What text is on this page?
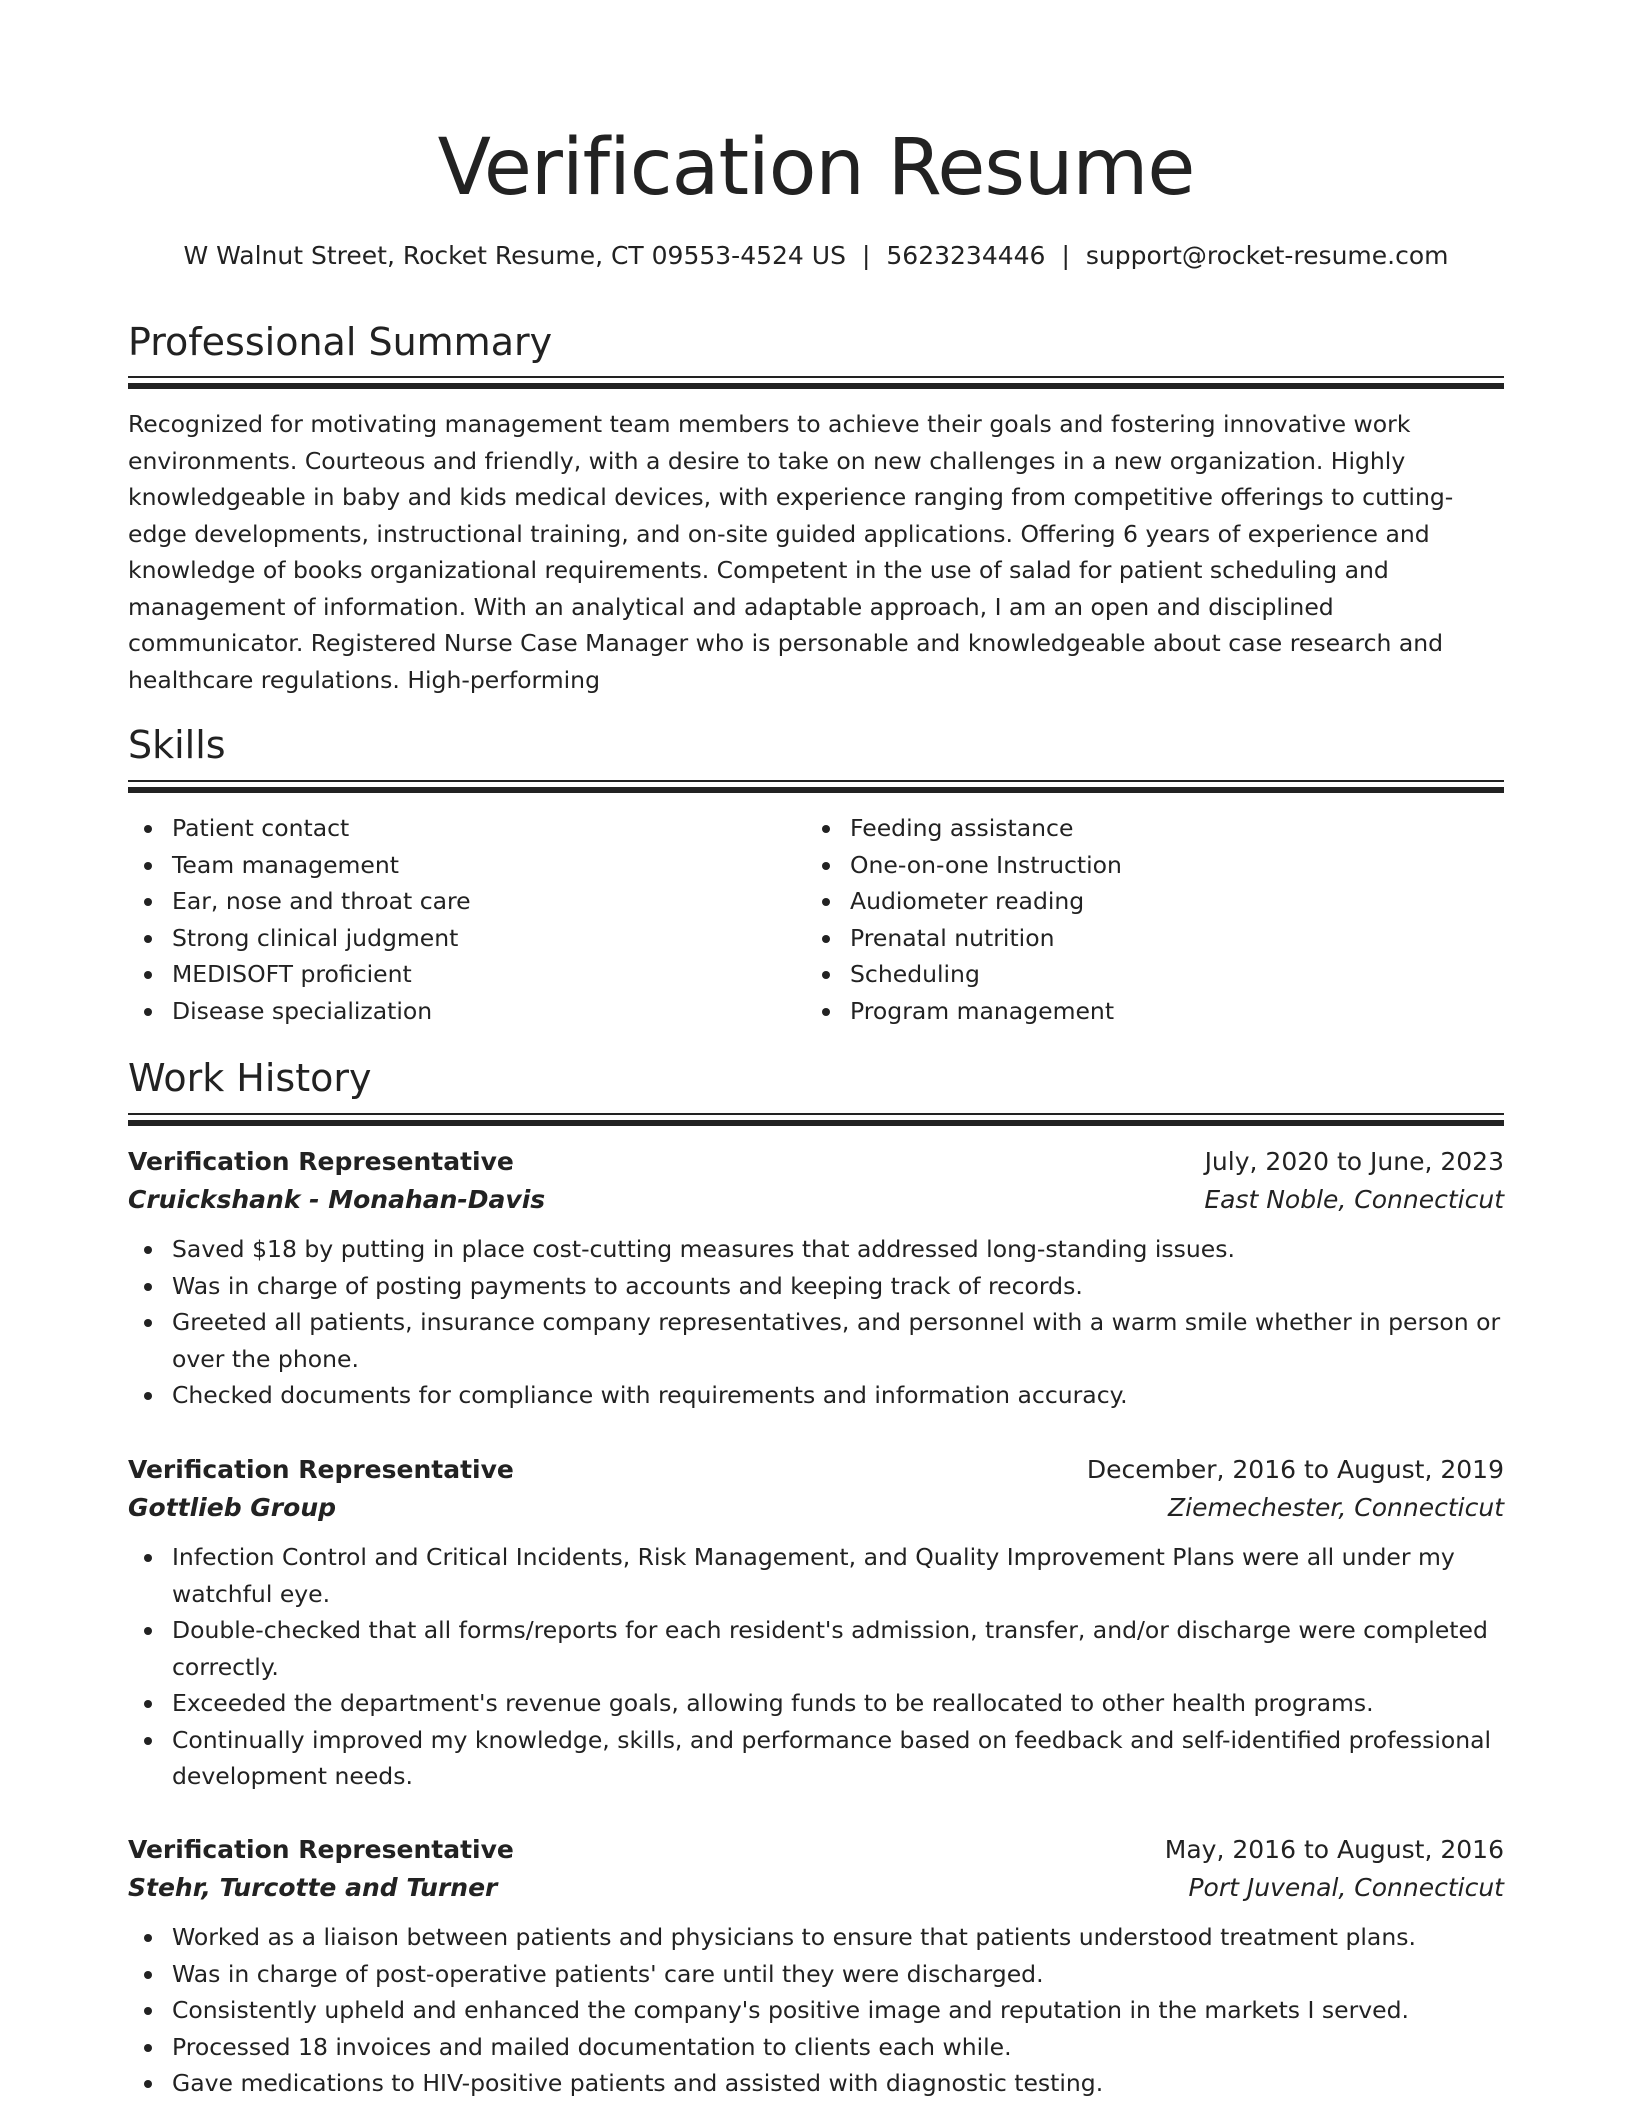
Verification Resume
W Walnut Street, Rocket Resume, CT 09553-4524 US | 5623234446 | support@rocket-resume.com
Professional Summary

Recognized for motivating management team members to achieve their goals and fostering innovative work environments. Courteous and friendly, with a desire to take on new challenges in a new organization. Highly knowledgeable in baby and kids medical devices, with experience ranging from competitive offerings to cutting-edge developments, instructional training, and on-site guided applications. Offering 6 years of experience and knowledge of books organizational requirements. Competent in the use of salad for patient scheduling and management of information. With an analytical and adaptable approach, I am an open and disciplined communicator. Registered Nurse Case Manager who is personable and knowledgeable about case research and healthcare regulations. High-performing

Skills
Patient contact
Team management
Ear, nose and throat care
Strong clinical judgment
MEDISOFT proficient
Disease specialization
Feeding assistance
One-on-one Instruction
Audiometer reading
Prenatal nutrition
Scheduling
Program management
Work History
Verification Representative	July, 2020 to June, 2023
Cruickshank - Monahan-Davis	East Noble, Connecticut
Saved $18 by putting in place cost-cutting measures that addressed long-standing issues.
Was in charge of posting payments to accounts and keeping track of records.
Greeted all patients, insurance company representatives, and personnel with a warm smile whether in person or over the phone.
Checked documents for compliance with requirements and information accuracy.
Verification Representative	December, 2016 to August, 2019
Gottlieb Group	Ziemechester, Connecticut
Infection Control and Critical Incidents, Risk Management, and Quality Improvement Plans were all under my watchful eye.
Double-checked that all forms/reports for each resident's admission, transfer, and/or discharge were completed correctly.
Exceeded the department's revenue goals, allowing funds to be reallocated to other health programs.
Continually improved my knowledge, skills, and performance based on feedback and self-identified professional development needs.
Verification Representative	May, 2016 to August, 2016
Stehr, Turcotte and Turner	Port Juvenal, Connecticut
Worked as a liaison between patients and physicians to ensure that patients understood treatment plans.
Was in charge of post-operative patients' care until they were discharged.
Consistently upheld and enhanced the company's positive image and reputation in the markets I served.
Processed 18 invoices and mailed documentation to clients each while.
Gave medications to HIV-positive patients and assisted with diagnostic testing.
